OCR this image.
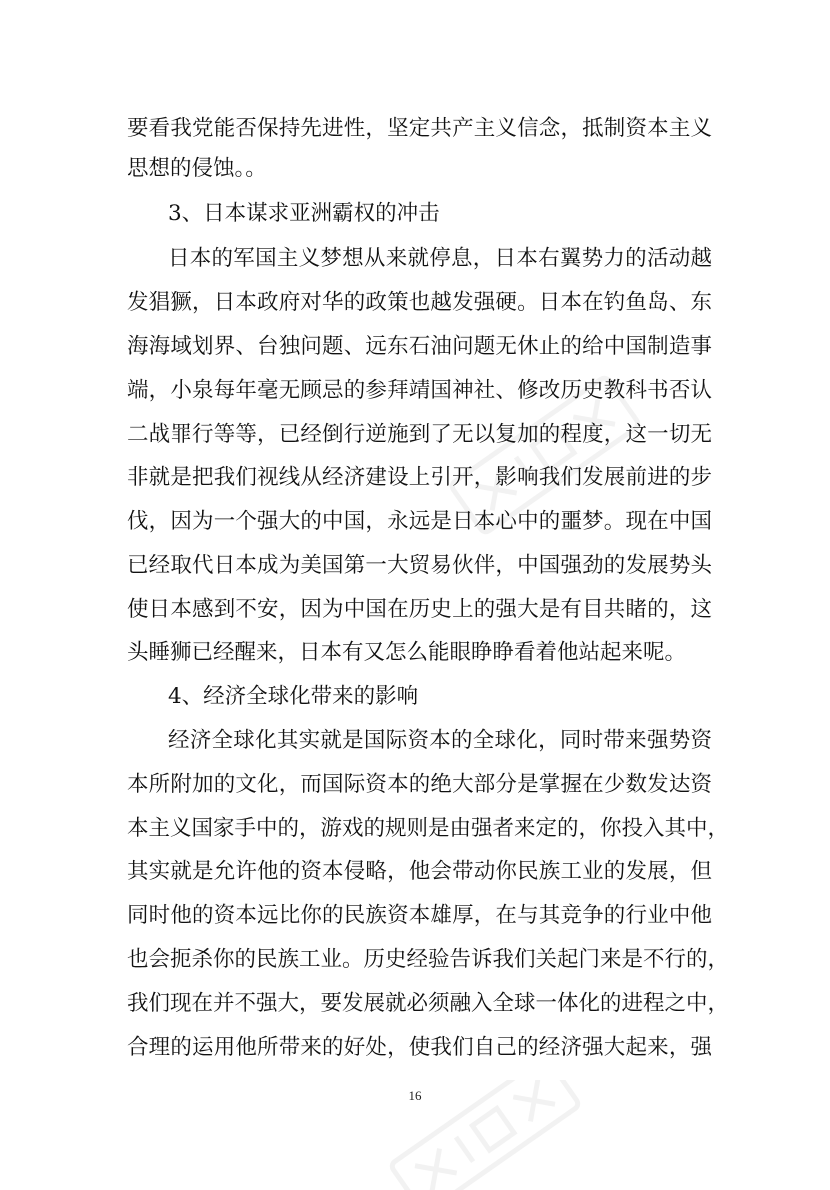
要看我党能否保持先进性，坚定共产主义信念，抵制资本主义
思想的侵蚀。。
3、日本谋求亚洲霸权的冲击
日本的军国主义梦想从来就停息，日本右翼势力的活动越
发猖獗，日本政府对华的政策也越发强硬。日本在钓鱼岛、东
海海域划界、台独问题、远东石油问题无休止的给中国制造事
端，小泉每年毫无顾忌的参拜靖国神社、修改历史教科书否认
二战罪行等等，已经倒行逆施到了无以复加的程度，这一切无
非就是把我们视线从经济建设上引开，影响我们发展前进的步
伐，因为一个强大的中国，永远是日本心中的噩梦。现在中国
已经取代日本成为美国第一大贸易伙伴，中国强劲的发展势头
使日本感到不安，因为中国在历史上的强大是有目共睹的，这
头睡狮已经醒来，日本有又怎么能眼睁睁看着他站起来呢。
4、经济全球化带来的影响
经济全球化其实就是国际资本的全球化，同时带来强势资
本所附加的文化，而国际资本的绝大部分是掌握在少数发达资
本主义国家手中的，游戏的规则是由强者来定的，你投入其中，
其实就是允许他的资本侵略，他会带动你民族工业的发展，但
同时他的资本远比你的民族资本雄厚，在与其竞争的行业中他
也会扼杀你的民族工业。历史经验告诉我们关起门来是不行的，
我们现在并不强大，要发展就必须融入全球一体化的进程之中，
合理的运用他所带来的好处，使我们自己的经济强大起来，强
16
